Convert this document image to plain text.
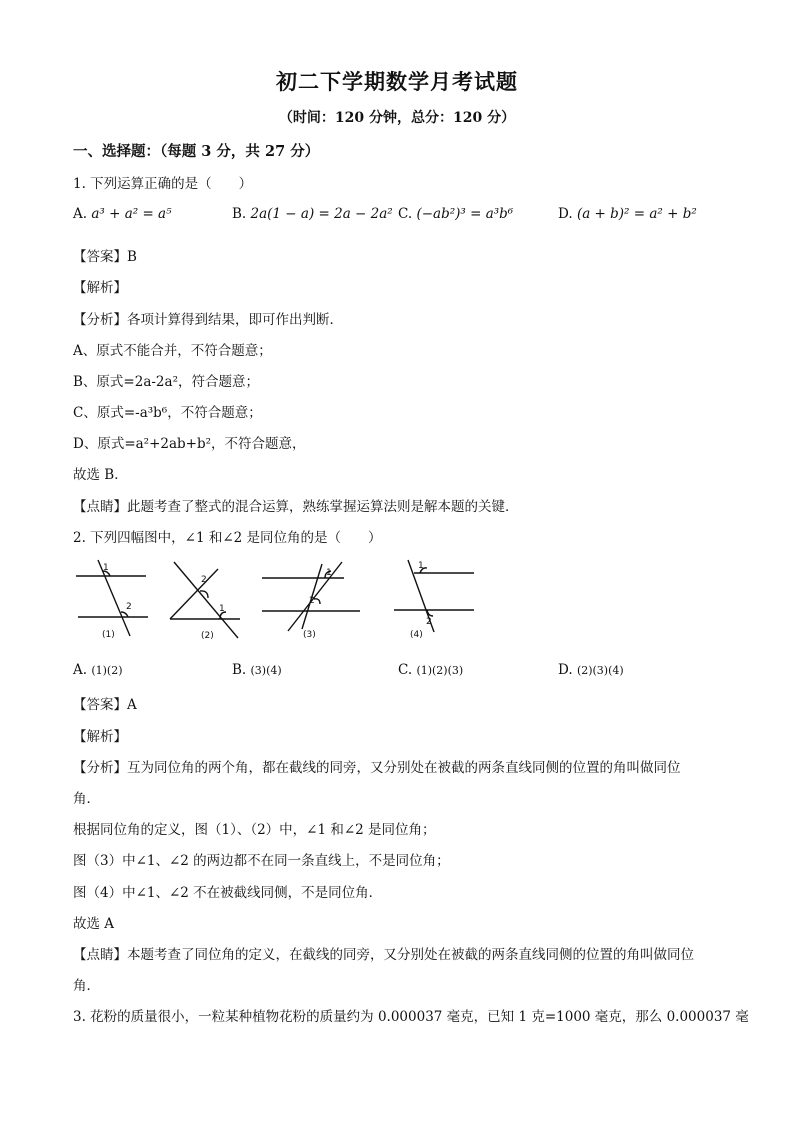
初二下学期数学月考试题
（时间：120 分钟，总分：120 分）
一、选择题：（每题 3 分，共 27 分）
1. 下列运算正确的是（　　）
A. a³ + a² = a⁵	B. 2a(1 − a) = 2a − 2a² C. (−ab²)³ = a³b⁶	D. (a + b)² = a² + b²
【答案】B
【解析】
【分析】各项计算得到结果，即可作出判断．
A、原式不能合并，不符合题意；
B、原式=2a-2a²，符合题意；
C、原式=-a³b⁶，不符合题意；
D、原式=a²+2ab+b²，不符合题意，
故选 B．
【点睛】此题考查了整式的混合运算，熟练掌握运算法则是解本题的关键．
2. 下列四幅图中，∠1 和∠2 是同位角的是（　　）
1
2
2
1
1
2
1
2
(1)	(2)	(3)	(4)
A. (1)(2)	B. (3)(4)	C. (1)(2)(3)	D. (2)(3)(4)
【答案】A
【解析】
【分析】互为同位角的两个角，都在截线的同旁，又分别处在被截的两条直线同侧的位置的角叫做同位
角．
根据同位角的定义，图（1）、（2）中，∠1 和∠2 是同位角；
图（3）中∠1、∠2 的两边都不在同一条直线上，不是同位角；
图（4）中∠1、∠2 不在被截线同侧，不是同位角．
故选 A
【点睛】本题考查了同位角的定义，在截线的同旁，又分别处在被截的两条直线同侧的位置的角叫做同位
角．
3. 花粉的质量很小，一粒某种植物花粉的质量约为 0.000037 毫克，已知 1 克=1000 毫克，那么 0.000037 毫
